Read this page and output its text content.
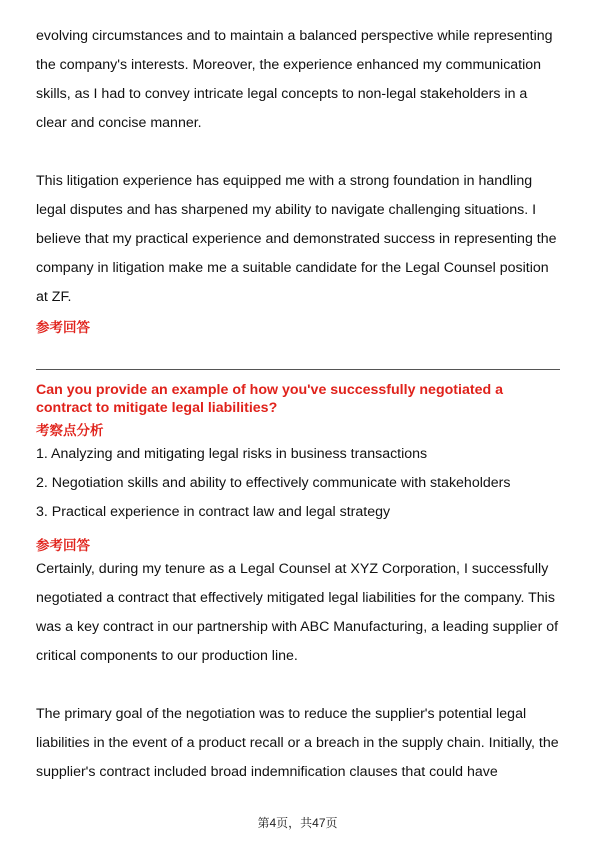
evolving circumstances and to maintain a balanced perspective while representing the company's interests. Moreover, the experience enhanced my communication skills, as I had to convey intricate legal concepts to non-legal stakeholders in a clear and concise manner.

This litigation experience has equipped me with a strong foundation in handling legal disputes and has sharpened my ability to navigate challenging situations. I believe that my practical experience and demonstrated success in representing the company in litigation make me a suitable candidate for the Legal Counsel position at ZF.

参考回答

Can you provide an example of how you've successfully negotiated a contract to mitigate legal liabilities?

考察点分析

1. Analyzing and mitigating legal risks in business transactions

2. Negotiation skills and ability to effectively communicate with stakeholders

3. Practical experience in contract law and legal strategy

参考回答

Certainly, during my tenure as a Legal Counsel at XYZ Corporation, I successfully negotiated a contract that effectively mitigated legal liabilities for the company. This was a key contract in our partnership with ABC Manufacturing, a leading supplier of critical components to our production line.

The primary goal of the negotiation was to reduce the supplier's potential legal liabilities in the event of a product recall or a breach in the supply chain. Initially, the supplier's contract included broad indemnification clauses that could have

第4页，共47页
